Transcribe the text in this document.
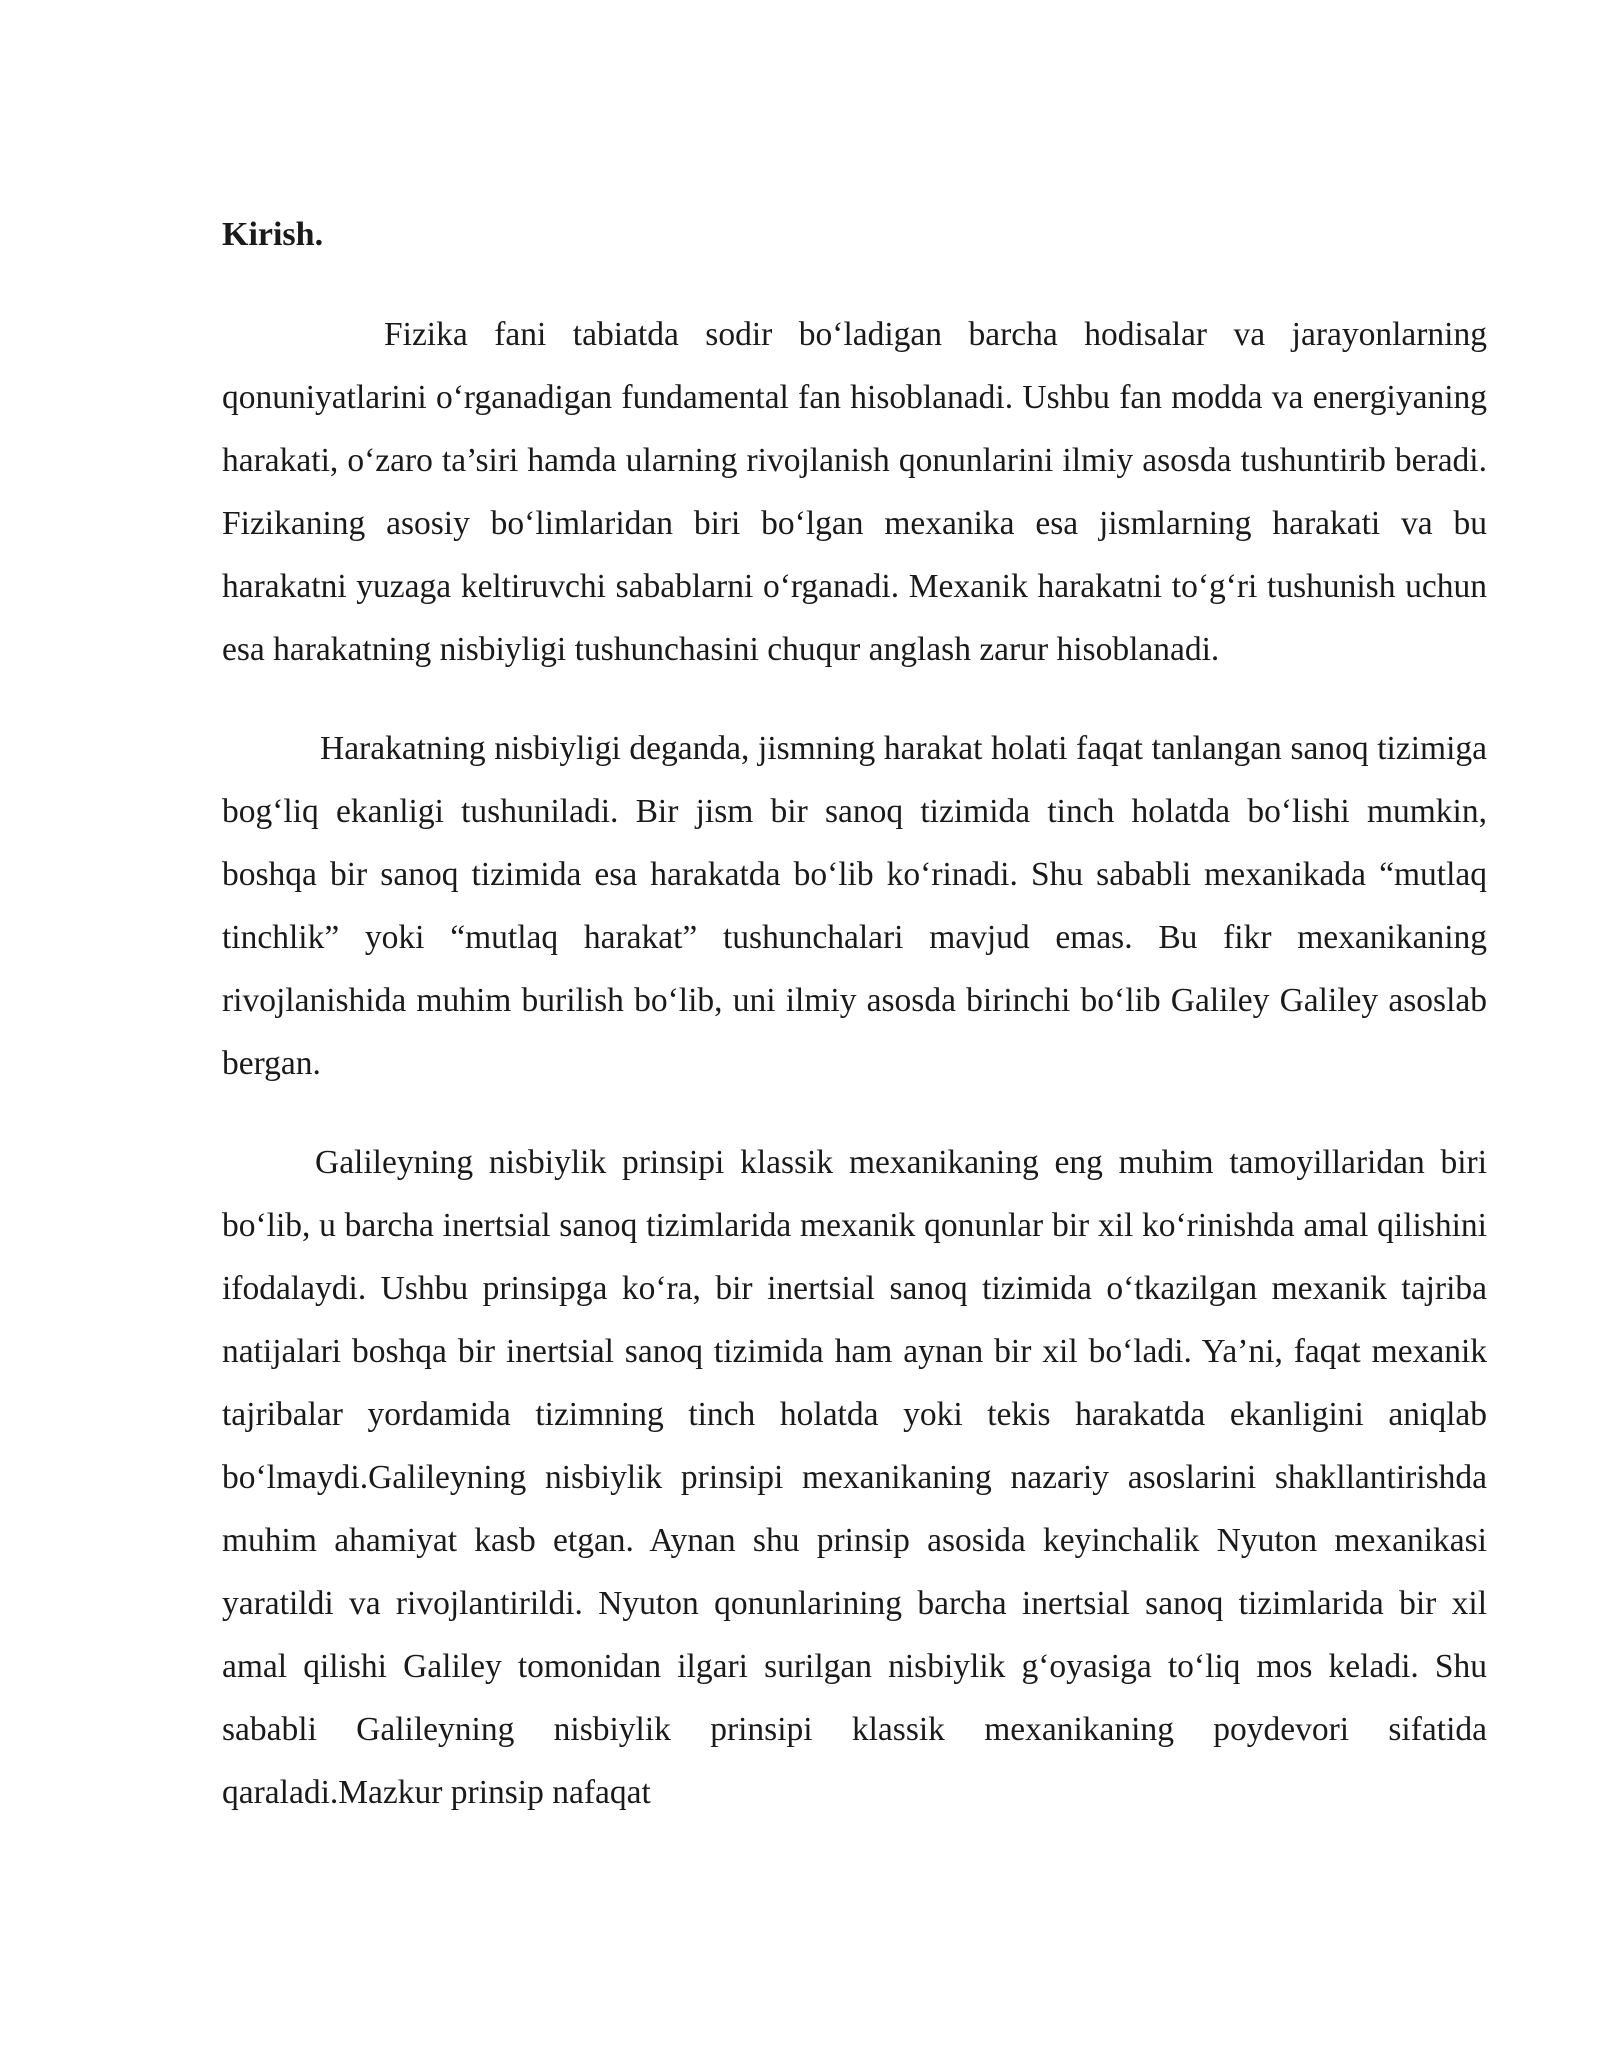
Kirish.

Fizika fani tabiatda sodir bo‘ladigan barcha hodisalar va jarayonlarning qonuniyatlarini o‘rganadigan fundamental fan hisoblanadi. Ushbu fan modda va energiyaning harakati, o‘zaro ta’siri hamda ularning rivojlanish qonunlarini ilmiy asosda tushuntirib beradi. Fizikaning asosiy bo‘limlaridan biri bo‘lgan mexanika esa jismlarning harakati va bu harakatni yuzaga keltiruvchi sabablarni o‘rganadi. Mexanik harakatni to‘g‘ri tushunish uchun esa harakatning nisbiyligi tushunchasini chuqur anglash zarur hisoblanadi.

Harakatning nisbiyligi deganda, jismning harakat holati faqat tanlangan sanoq tizimiga bog‘liq ekanligi tushuniladi. Bir jism bir sanoq tizimida tinch holatda bo‘lishi mumkin, boshqa bir sanoq tizimida esa harakatda bo‘lib ko‘rinadi. Shu sababli mexanikada “mutlaq tinchlik” yoki “mutlaq harakat” tushunchalari mavjud emas. Bu fikr mexanikaning rivojlanishida muhim burilish bo‘lib, uni ilmiy asosda birinchi bo‘lib Galiley Galiley asoslab bergan.

Galileyning nisbiylik prinsipi klassik mexanikaning eng muhim tamoyillaridan biri bo‘lib, u barcha inertsial sanoq tizimlarida mexanik qonunlar bir xil ko‘rinishda amal qilishini ifodalaydi. Ushbu prinsipga ko‘ra, bir inertsial sanoq tizimida o‘tkazilgan mexanik tajriba natijalari boshqa bir inertsial sanoq tizimida ham aynan bir xil bo‘ladi. Ya’ni, faqat mexanik tajribalar yordamida tizimning tinch holatda yoki tekis harakatda ekanligini aniqlab bo‘lmaydi.Galileyning nisbiylik prinsipi mexanikaning nazariy asoslarini shakllantirishda muhim ahamiyat kasb etgan. Aynan shu prinsip asosida keyinchalik Nyuton mexanikasi yaratildi va rivojlantirildi. Nyuton qonunlarining barcha inertsial sanoq tizimlarida bir xil amal qilishi Galiley tomonidan ilgari surilgan nisbiylik g‘oyasiga to‘liq mos keladi. Shu sababli Galileyning nisbiylik prinsipi klassik mexanikaning poydevori sifatida qaraladi.Mazkur prinsip nafaqat
